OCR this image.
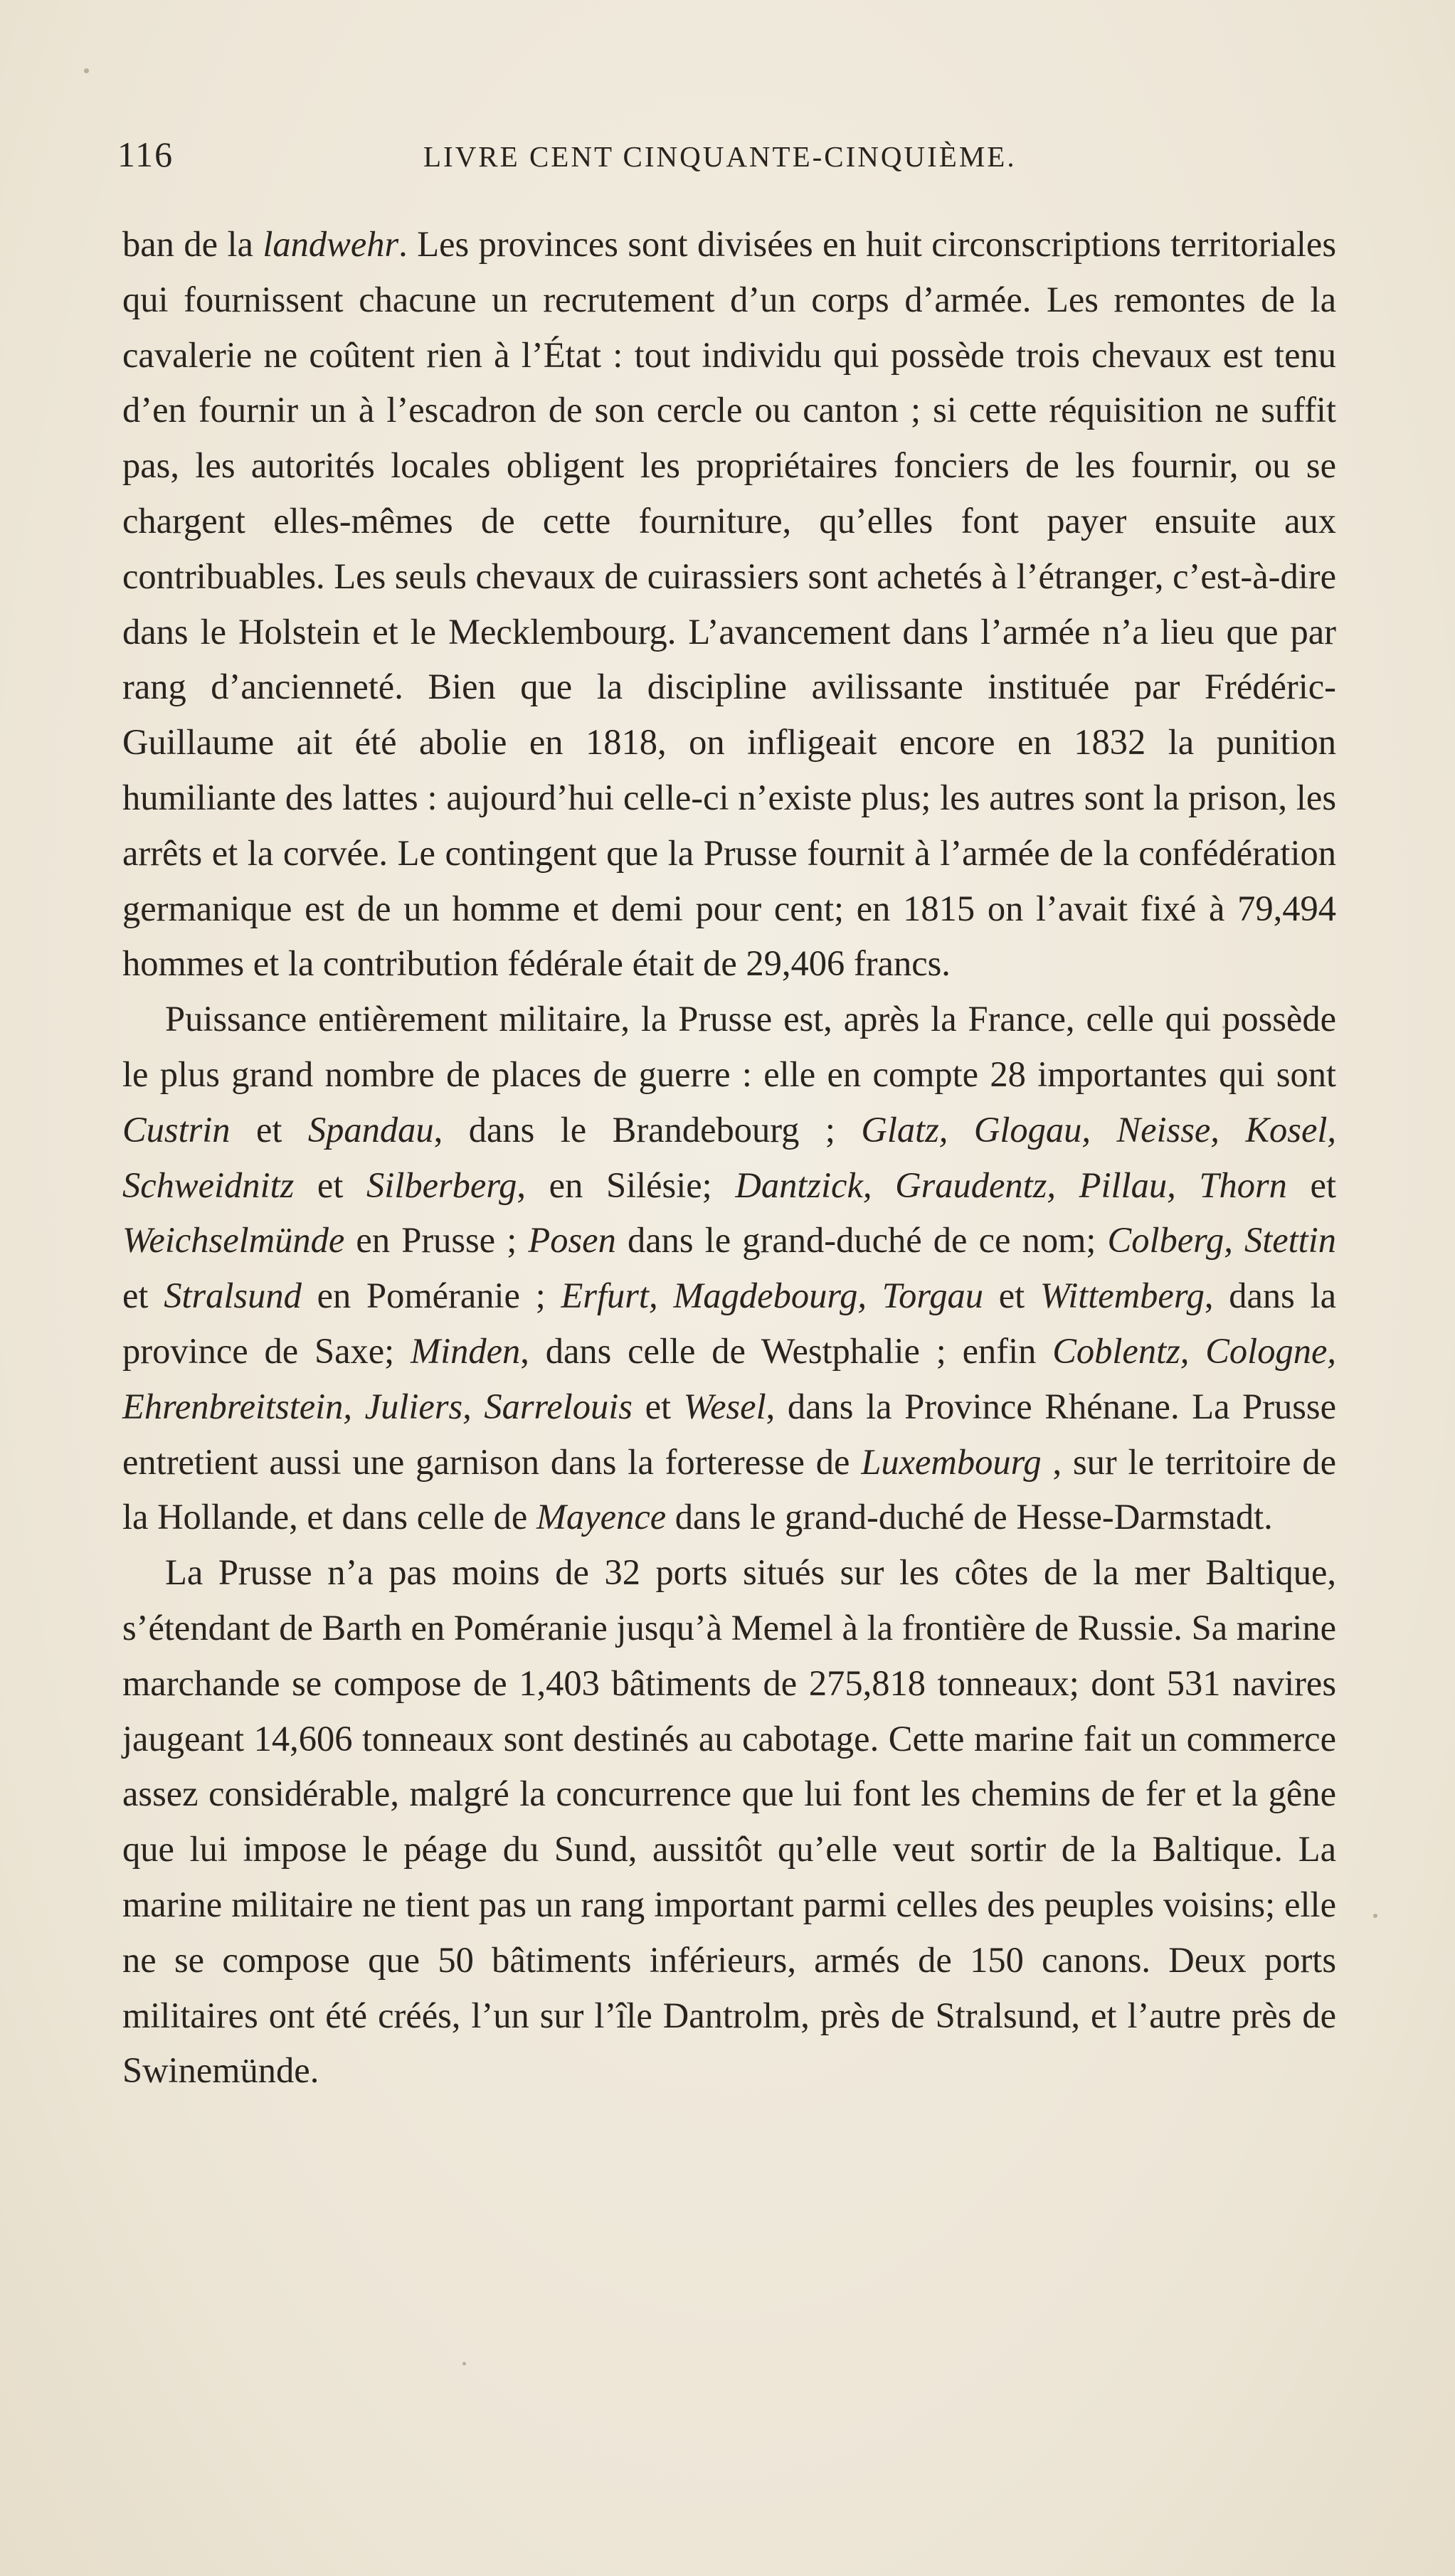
116	LIVRE CENT CINQUANTE-CINQUIÈME.

ban de la landwehr. Les provinces sont divisées en huit circonscriptions territoriales qui fournissent chacune un recrutement d’un corps d’armée. Les remontes de la cavalerie ne coûtent rien à l’État : tout individu qui possède trois chevaux est tenu d’en fournir un à l’escadron de son cercle ou canton ; si cette réquisition ne suffit pas, les autorités locales obligent les propriétaires fonciers de les fournir, ou se chargent elles-mêmes de cette fourniture, qu’elles font payer ensuite aux contribuables. Les seuls chevaux de cuirassiers sont achetés à l’étranger, c’est-à-dire dans le Holstein et le Mecklembourg. L’avancement dans l’armée n’a lieu que par rang d’ancienneté. Bien que la discipline avilissante instituée par Frédéric-Guillaume ait été abolie en 1818, on infligeait encore en 1832 la punition humiliante des lattes : aujourd’hui celle-ci n’existe plus; les autres sont la prison, les arrêts et la corvée. Le contingent que la Prusse fournit à l’armée de la confédération germanique est de un homme et demi pour cent; en 1815 on l’avait fixé à 79,494 hommes et la contribution fédérale était de 29,406 francs.

Puissance entièrement militaire, la Prusse est, après la France, celle qui possède le plus grand nombre de places de guerre : elle en compte 28 importantes qui sont Custrin et Spandau, dans le Brandebourg ; Glatz, Glogau, Neisse, Kosel, Schweidnitz et Silberberg, en Silésie; Dantzick, Graudentz, Pillau, Thorn et Weichselmünde en Prusse ; Posen dans le grand-duché de ce nom; Colberg, Stettin et Stralsund en Poméranie ; Erfurt, Magdebourg, Torgau et Wittemberg, dans la province de Saxe; Minden, dans celle de Westphalie ; enfin Coblentz, Cologne, Ehrenbreitstein, Juliers, Sarrelouis et Wesel, dans la Province Rhénane. La Prusse entretient aussi une garnison dans la forteresse de Luxembourg , sur le territoire de la Hollande, et dans celle de Mayence dans le grand-duché de Hesse-Darmstadt.

La Prusse n’a pas moins de 32 ports situés sur les côtes de la mer Baltique, s’étendant de Barth en Poméranie jusqu’à Memel à la frontière de Russie. Sa marine marchande se compose de 1,403 bâtiments de 275,818 tonneaux; dont 531 navires jaugeant 14,606 tonneaux sont destinés au cabotage. Cette marine fait un commerce assez considérable, malgré la concurrence que lui font les chemins de fer et la gêne que lui impose le péage du Sund, aussitôt qu’elle veut sortir de la Baltique. La marine militaire ne tient pas un rang important parmi celles des peuples voisins; elle ne se compose que 50 bâtiments inférieurs, armés de 150 canons. Deux ports militaires ont été créés, l’un sur l’île Dantrolm, près de Stralsund, et l’autre près de Swinemünde.
